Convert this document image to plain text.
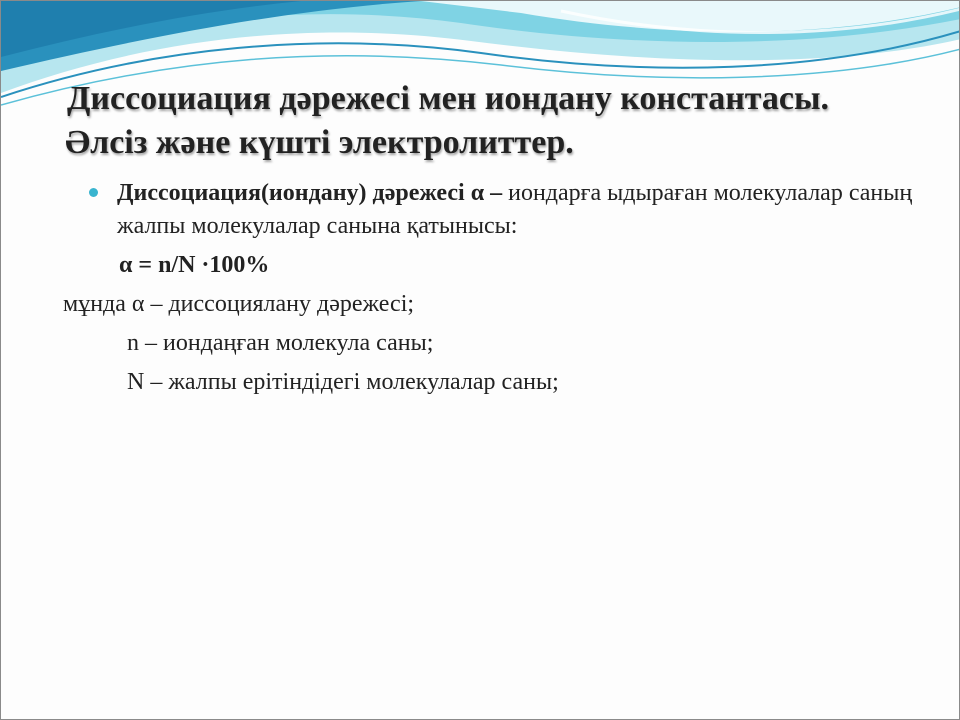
Диссоциация дәрежесі мен иондану константасы.
Әлсіз және күшті электролиттер.
Диссоциация(иондану) дәрежесі α – иондарға ыдыраған молекулалар саның жалпы молекулалар санына қатынысы:
α = n/N ·100%
мұнда α – диссоциялану дәрежесі;
n – иондаңған молекула саны;
N – жалпы ерітіндідегі молекулалар саны;
